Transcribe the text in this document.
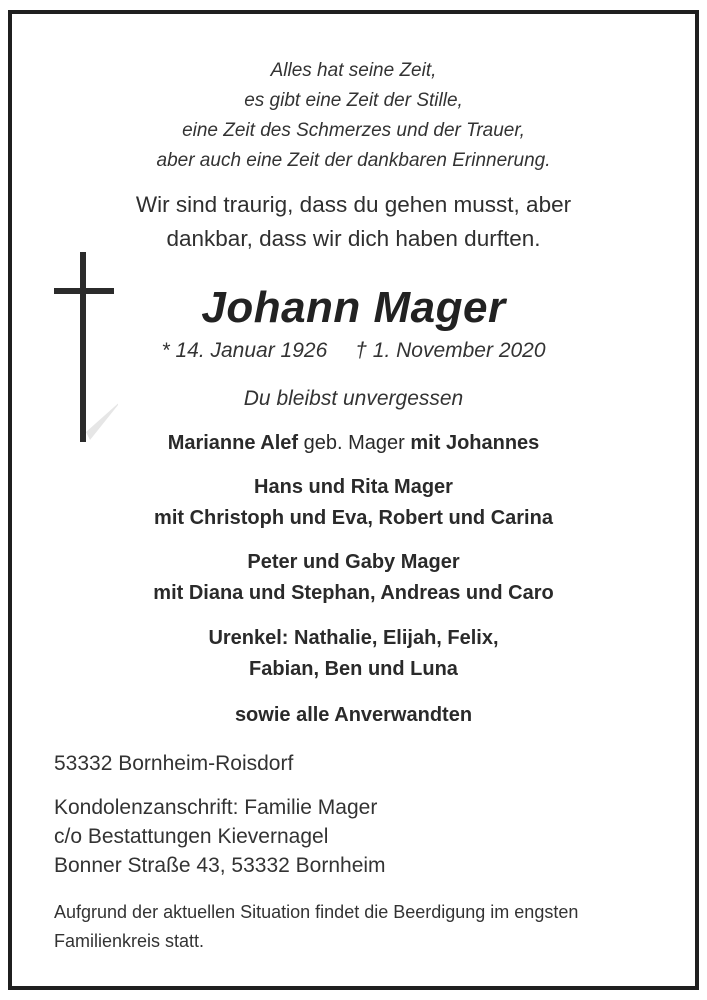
Alles hat seine Zeit,
es gibt eine Zeit der Stille,
eine Zeit des Schmerzes und der Trauer,
aber auch eine Zeit der dankbaren Erinnerung.
Wir sind traurig, dass du gehen musst, aber
dankbar, dass wir dich haben durften.
Johann Mager
* 14. Januar 1926 † 1. November 2020
Du bleibst unvergessen
Marianne Alef geb. Mager mit Johannes
Hans und Rita Mager
mit Christoph und Eva, Robert und Carina
Peter und Gaby Mager
mit Diana und Stephan, Andreas und Caro
Urenkel: Nathalie, Elijah, Felix,
Fabian, Ben und Luna
sowie alle Anverwandten
53332 Bornheim-Roisdorf
Kondolenzanschrift: Familie Mager
c/o Bestattungen Kievernagel
Bonner Straße 43, 53332 Bornheim
Aufgrund der aktuellen Situation findet die Beerdigung im engsten Familienkreis statt.
